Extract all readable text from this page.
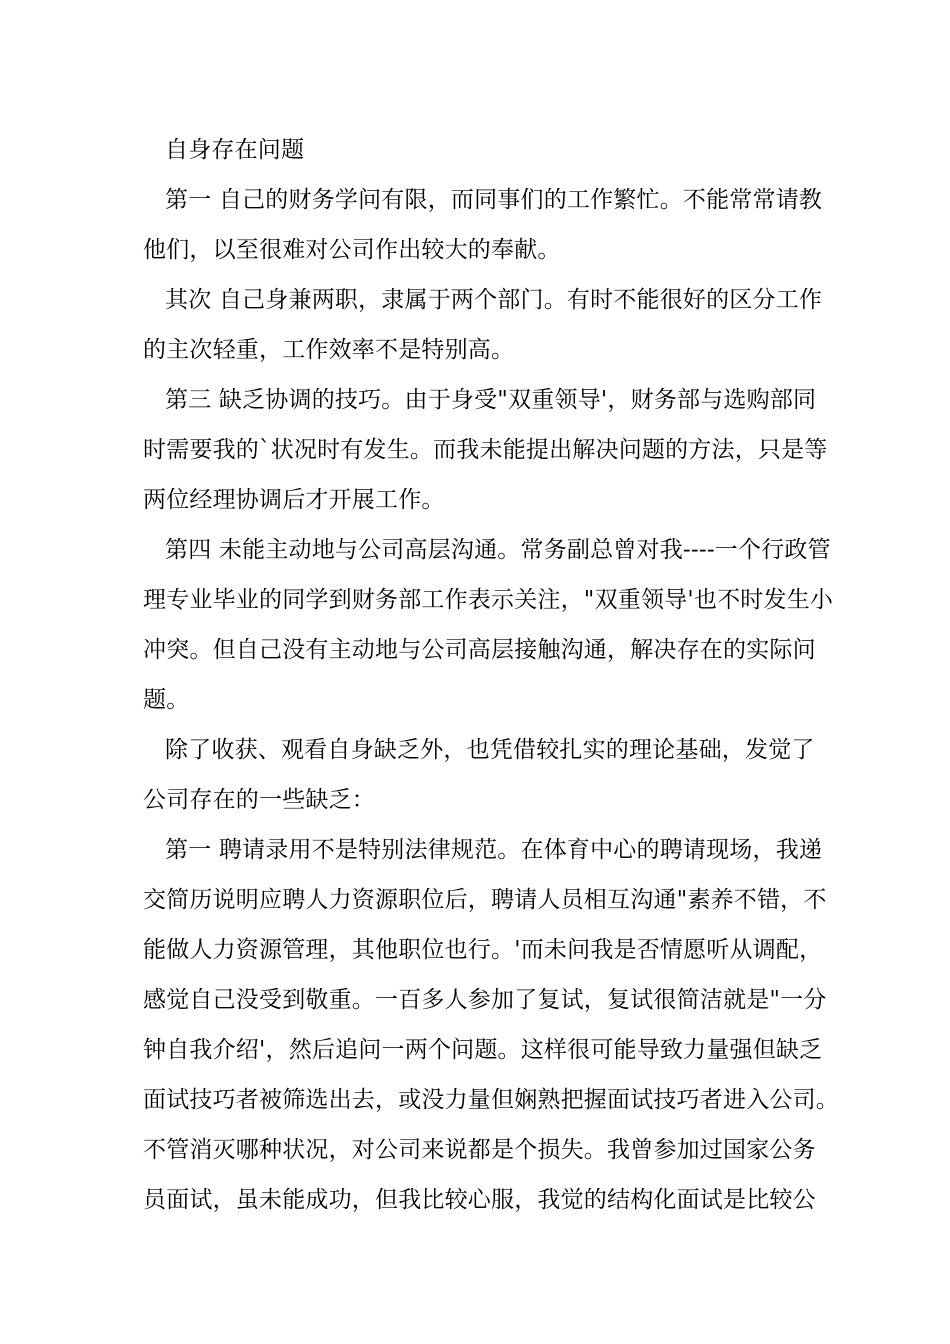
自身存在问题
第一 自己的财务学问有限，而同事们的工作繁忙。不能常常请教
他们，以至很难对公司作出较大的奉献。
其次 自己身兼两职，隶属于两个部门。有时不能很好的区分工作
的主次轻重，工作效率不是特别高。
第三 缺乏协调的技巧。由于身受"双重领导'，财务部与选购部同
时需要我的`状况时有发生。而我未能提出解决问题的方法，只是等
两位经理协调后才开展工作。
第四 未能主动地与公司高层沟通。常务副总曾对我----一个行政管
理专业毕业的同学到财务部工作表示关注，"双重领导'也不时发生小
冲突。但自己没有主动地与公司高层接触沟通，解决存在的实际问
题。
除了收获、观看自身缺乏外，也凭借较扎实的理论基础，发觉了
公司存在的一些缺乏：
第一 聘请录用不是特别法律规范。在体育中心的聘请现场，我递
交简历说明应聘人力资源职位后，聘请人员相互沟通"素养不错，不
能做人力资源管理，其他职位也行。'而未问我是否情愿听从调配，
感觉自己没受到敬重。一百多人参加了复试，复试很简洁就是"一分
钟自我介绍'，然后追问一两个问题。这样很可能导致力量强但缺乏
面试技巧者被筛选出去，或没力量但娴熟把握面试技巧者进入公司。
不管消灭哪种状况，对公司来说都是个损失。我曾参加过国家公务
员面试，虽未能成功，但我比较心服，我觉的结构化面试是比较公
